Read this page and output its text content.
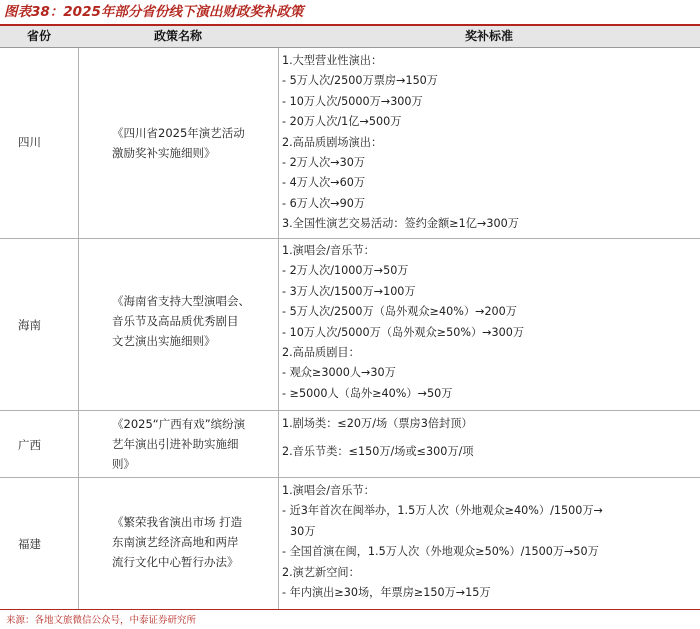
图表38：2025年部分省份线下演出财政奖补政策
省份	政策名称	奖补标准
四川
《四川省2025年演艺活动
激励奖补实施细则》
1.大型营业性演出：
- 5万人次/2500万票房→150万
- 10万人次/5000万→300万
- 20万人次/1亿→500万
2.高品质剧场演出：
- 2万人次→30万
- 4万人次→60万
- 6万人次→90万
3.全国性演艺交易活动：签约金额≥1亿→300万
海南
《海南省支持大型演唱会、
音乐节及高品质优秀剧目
文艺演出实施细则》
1.演唱会/音乐节：
- 2万人次/1000万→50万
- 3万人次/1500万→100万
- 5万人次/2500万（岛外观众≥40%）→200万
- 10万人次/5000万（岛外观众≥50%）→300万
2.高品质剧目：
- 观众≥3000人→30万
- ≥5000人（岛外≥40%）→50万
广西
《2025“广西有戏”缤纷演
艺年演出引进补助实施细
则》
1.剧场类：≤20万/场（票房3倍封顶）
2.音乐节类：≤150万/场或≤300万/项
福建
《繁荣我省演出市场 打造
东南演艺经济高地和两岸
流行文化中心暂行办法》
1.演唱会/音乐节：
- 近3年首次在闽举办，1.5万人次（外地观众≥40%）/1500万→
30万
- 全国首演在闽，1.5万人次（外地观众≥50%）/1500万→50万
2.演艺新空间：
- 年内演出≥30场，年票房≥150万→15万
来源：各地文旅微信公众号，中泰证券研究所
